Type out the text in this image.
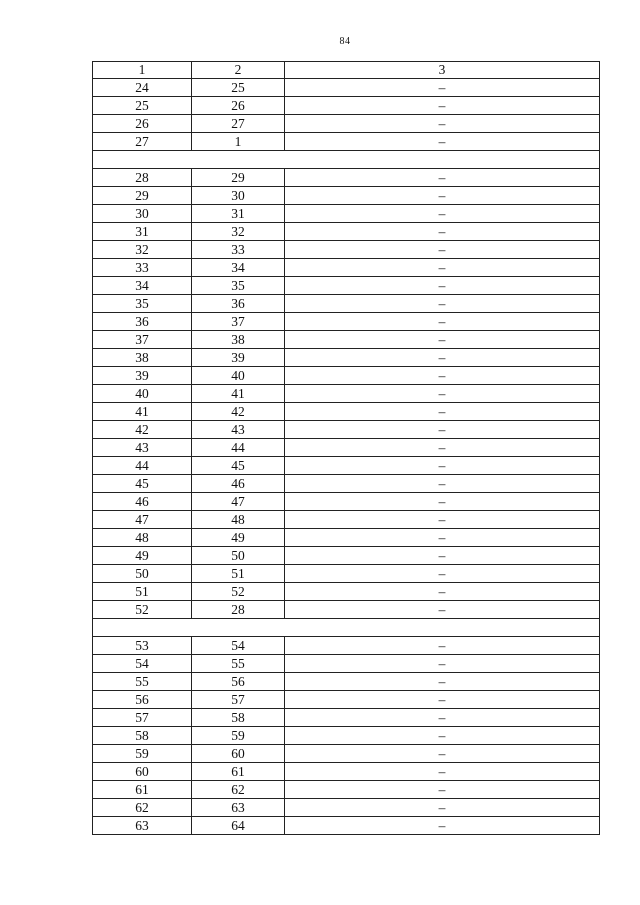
84
1	2	3
24	25	–
25	26	–
26	27	–
27	1	–

28	29	–
29	30	–
30	31	–
31	32	–
32	33	–
33	34	–
34	35	–
35	36	–
36	37	–
37	38	–
38	39	–
39	40	–
40	41	–
41	42	–
42	43	–
43	44	–
44	45	–
45	46	–
46	47	–
47	48	–
48	49	–
49	50	–
50	51	–
51	52	–
52	28	–

53	54	–
54	55	–
55	56	–
56	57	–
57	58	–
58	59	–
59	60	–
60	61	–
61	62	–
62	63	–
63	64	–
